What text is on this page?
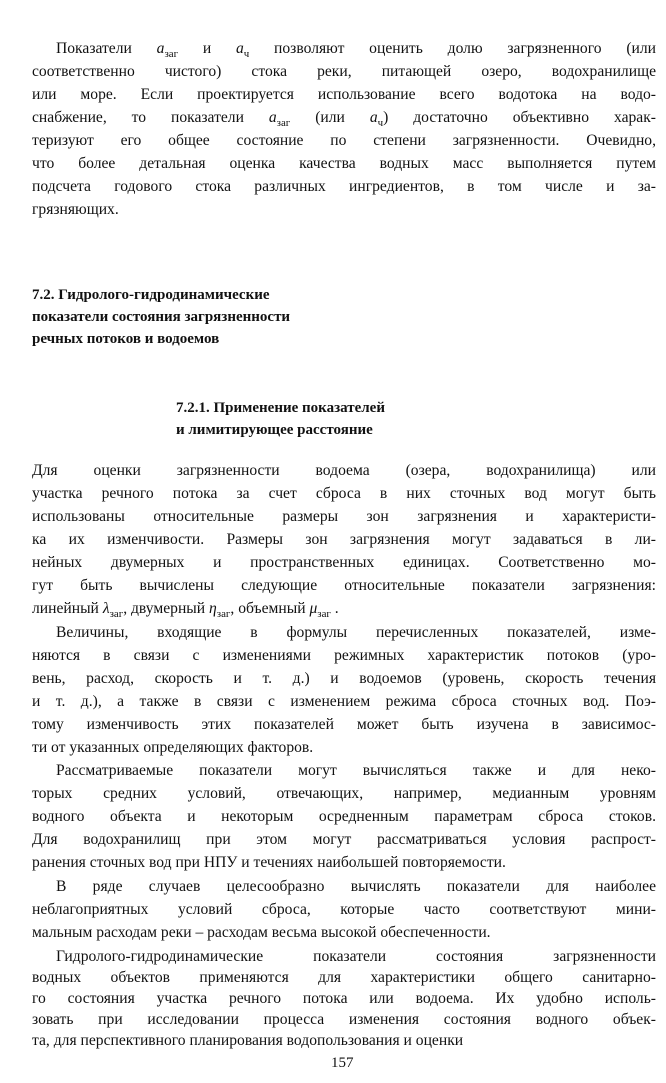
Показатели $a_{заг}$ и $a_ч$ позволяют оценить долю загрязненного (или
соответственно чистого) стока реки, питающей озеро, водохранилище
или море. Если проектируется использование всего водотока на водо-
снабжение, то показатели $a_{заг}$ (или $a_ч$) достаточно объективно харак-
теризуют его общее состояние по степени загрязненности. Очевидно,
что более детальная оценка качества водных масс выполняется путем
подсчета годового стока различных ингредиентов, в том числе и за-
грязняющих.
7.2. Гидролого-гидродинамические
показатели состояния загрязненности
речных потоков и водоемов
7.2.1. Применение показателей
и лимитирующее расстояние
Для оценки загрязненности водоема (озера, водохранилища) или
участка речного потока за счет сброса в них сточных вод могут быть
использованы относительные размеры зон загрязнения и характеристи-
ка их изменчивости. Размеры зон загрязнения могут задаваться в ли-
нейных двумерных и пространственных единицах. Соответственно мо-
гут быть вычислены следующие относительные показатели загрязнения:
линейный $\lambda_{заг}$, двумерный $\eta_{заг}$, объемный $\mu_{заг}$ .
Величины, входящие в формулы перечисленных показателей, изме-
няются в связи с изменениями режимных характеристик потоков (уро-
вень, расход, скорость и т. д.) и водоемов (уровень, скорость течения
и т. д.), а также в связи с изменением режима сброса сточных вод. Поэ-
тому изменчивость этих показателей может быть изучена в зависимос-
ти от указанных определяющих факторов.
Рассматриваемые показатели могут вычисляться также и для неко-
торых средних условий, отвечающих, например, медианным уровням
водного объекта и некоторым осредненным параметрам сброса стоков.
Для водохранилищ при этом могут рассматриваться условия распрост-
ранения сточных вод при НПУ и течениях наибольшей повторяемости.
В ряде случаев целесообразно вычислять показатели для наиболее
неблагоприятных условий сброса, которые часто соответствуют мини-
мальным расходам реки – расходам весьма высокой обеспеченности.
Гидролого-гидродинамические показатели состояния загрязненности
водных объектов применяются для характеристики общего санитарно-
го состояния участка речного потока или водоема. Их удобно исполь-
зовать при исследовании процесса изменения состояния водного объек-
та, для перспективного планирования водопользования и оценки
157
